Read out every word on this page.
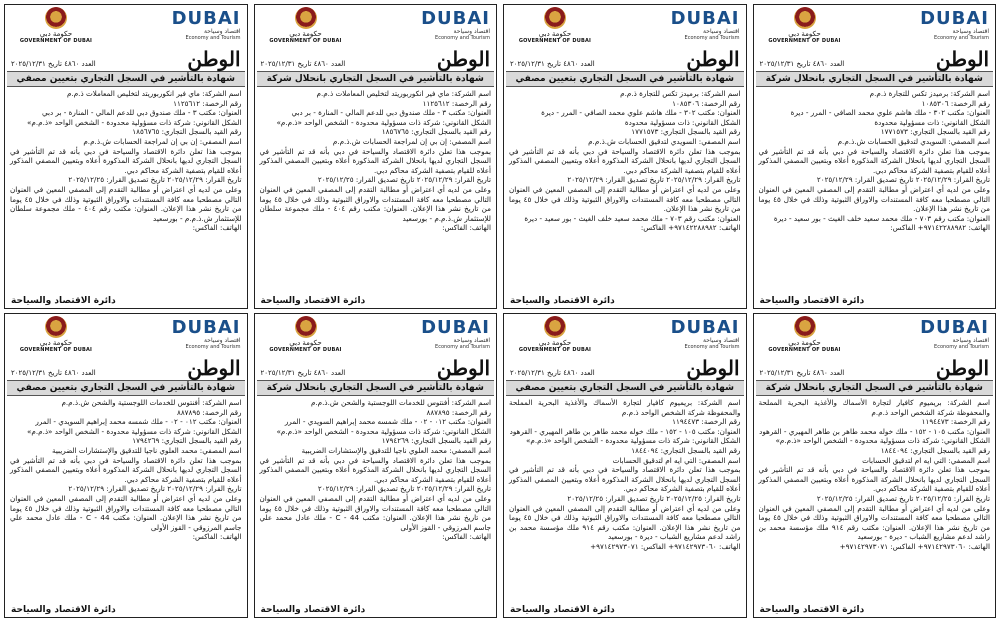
حكومة دبي
GOVERNMENT OF DUBAI
DUBAI
اقتصاد وسياحة
Economy and Tourism
العدد ٤٨٦٠ تاريخ ٢٠٢٥/١٢/٣١	الوطن
شهادة بالتأشير في السجل التجاري بتعيين مصفي

اسم الشركة: ماي فير انكوربوريتد لتخليص المعاملات ذ.م.م

رقم الرخصة: ١١٢٥٦١٢

العنوان: مكتب ٣ - ملك صندوق دبي للدعم المالي - المنارة - بر دبي

الشكل القانوني: شركة ذات مسؤولية محدودة - الشخص الواحد «ذ.م.م»

رقم القيد بالسجل التجاري: ١٨٥٦٧٦٥

اسم المصفي: إن بي إن لمراجعة الحسابات ش.ذ.م.م

بموجب هذا تعلن دائرة الاقتصاد والسياحة في دبي بأنه قد تم التأشير في السجل التجاري لديها بانحلال الشركة المذكورة أعلاه وبتعيين المصفي المذكور أعلاه للقيام بتصفية الشركة محاكم دبي.

تاريخ القرار: ٢٠٢٥/١٢/٢٩ تاريخ تصديق القرار: ٢٠٢٥/١٢/٢٥

وعلى من لديه أي اعتراض أو مطالبة التقدم إلى المصفي المعين في العنوان التالي مصطحبا معه كافة المستندات والاوراق الثبوتية وذلك في خلال ٤٥ يوما من تاريخ نشر هذا الإعلان. العنوان: مكتب رقم ٤٠٤ - ملك مجموعة سلطان للإستثمار ش.ذ.م.م - بورسعيد

الهاتف: الفاكس:

دائرة الاقتصاد والسياحة
حكومة دبي
GOVERNMENT OF DUBAI
DUBAI
اقتصاد وسياحة
Economy and Tourism
العدد ٤٨٦٠ تاريخ ٢٠٢٥/١٢/٣١	الوطن
شهادة بالتأشير في السجل التجاري بانحلال شركة

اسم الشركة: ماي فير انكوربوريتد لتخليص المعاملات ذ.م.م

رقم الرخصة: ١١٢٥٦١٢

العنوان: مكتب ٣ - ملك صندوق دبي للدعم المالي - المنارة - بر دبي

الشكل القانوني: شركة ذات مسؤولية محدودة - الشخص الواحد «ذ.م.م»

رقم القيد بالسجل التجاري: ١٨٥٦٧٦٥

اسم المصفي: إن بي إن لمراجعة الحسابات ش.ذ.م.م

بموجب هذا تعلن دائرة الاقتصاد والسياحة في دبي بأنه قد تم التأشير في السجل التجاري لديها بانحلال الشركة المذكورة أعلاه وبتعيين المصفي المذكور أعلاه للقيام بتصفية الشركة محاكم دبي.

تاريخ القرار: ٢٠٢٥/١٢/٢٩ تاريخ تصديق القرار: ٢٠٢٥/١٢/٢٥

وعلى من لديه أي اعتراض أو مطالبة التقدم إلى المصفي المعين في العنوان التالي مصطحبا معه كافة المستندات والاوراق الثبوتية وذلك في خلال ٤٥ يوما من تاريخ نشر هذا الإعلان. العنوان: مكتب رقم ٤٠٤ - ملك مجموعة سلطان للإستثمار ش.ذ.م.م - بورسعيد

الهاتف: الفاكس:

دائرة الاقتصاد والسياحة
حكومة دبي
GOVERNMENT OF DUBAI
DUBAI
اقتصاد وسياحة
Economy and Tourism
العدد ٤٨٦٠ تاريخ ٢٠٢٥/١٢/٣١	الوطن
شهادة بالتأشير في السجل التجاري بتعيين مصفي

اسم الشركة: برميدز تكس للتجارة ذ.م.م

رقم الرخصة: ١٠٨٥٣٠٦

العنوان: مكتب ٣٠٢ - ملك هاشم علوي محمد الصافي - المرر - ديرة

الشكل القانوني: ذات مسؤولية محدودة

رقم القيد بالسجل التجاري: ١٧٧١٥٧٣

اسم المصفي: السويدي لتدقيق الحسابات ش.ذ.م.م

بموجب هذا تعلن دائرة الاقتصاد والسياحة في دبي بأنه قد تم التأشير في السجل التجاري لديها بانحلال الشركة المذكورة أعلاه وبتعيين المصفي المذكور أعلاه للقيام بتصفية الشركة محاكم دبي.

تاريخ القرار: ٢٠٢٥/١٢/٢٩ تاريخ تصديق القرار: ٢٠٢٥/١٢/٢٩

وعلى من لديه أي اعتراض أو مطالبة التقدم إلى المصفي المعين في العنوان التالي مصطحبا معه كافة المستندات والاوراق الثبوتية وذلك في خلال ٤٥ يوما من تاريخ نشر هذا الإعلان.

العنوان: مكتب رقم ٧٠٣ - ملك محمد سعيد خلف الغيث - بور سعيد - ديرة

الهاتف: ٩٧١٤٢٢٨٨٩٨٢+ الفاكس:

دائرة الاقتصاد والسياحة
حكومة دبي
GOVERNMENT OF DUBAI
DUBAI
اقتصاد وسياحة
Economy and Tourism
العدد ٤٨٦٠ تاريخ ٢٠٢٥/١٢/٣١	الوطن
شهادة بالتأشير في السجل التجاري بانحلال شركة

اسم الشركة: برميدز تكس للتجارة ذ.م.م

رقم الرخصة: ١٠٨٥٣٠٦

العنوان: مكتب ٣٠٢ - ملك هاشم علوي محمد الصافي - المرر - ديرة

الشكل القانوني: ذات مسؤولية محدودة

رقم القيد بالسجل التجاري: ١٧٧١٥٧٣

اسم المصفي: السويدي لتدقيق الحسابات ش.ذ.م.م

بموجب هذا تعلن دائرة الاقتصاد والسياحة في دبي بأنه قد تم التأشير في السجل التجاري لديها بانحلال الشركة المذكورة أعلاه وبتعيين المصفي المذكور أعلاه للقيام بتصفية الشركة محاكم دبي.

تاريخ القرار: ٢٠٢٥/١٢/٢٩ تاريخ تصديق القرار: ٢٠٢٥/١٢/٢٩

وعلى من لديه أي اعتراض أو مطالبة التقدم إلى المصفي المعين في العنوان التالي مصطحبا معه كافة المستندات والاوراق الثبوتية وذلك في خلال ٤٥ يوما من تاريخ نشر هذا الإعلان.

العنوان: مكتب رقم ٧٠٣ - ملك محمد سعيد خلف الغيث - بور سعيد - ديرة

الهاتف: ٩٧١٤٢٢٨٨٩٨٢+ الفاكس:

دائرة الاقتصاد والسياحة
حكومة دبي
GOVERNMENT OF DUBAI
DUBAI
اقتصاد وسياحة
Economy and Tourism
العدد ٤٨٦٠ تاريخ ٢٠٢٥/١٢/٣١	الوطن
شهادة بالتأشير في السجل التجاري بتعيين مصفي

اسم الشركة: أفنتوس للخدمات اللوجستية والشحن ش.ذ.م.م

رقم الرخصة: ٨٨٧٨٩٥

العنوان: مكتب ٠١٢ - ٠٢ - ملك شمسه محمد إبراهيم السويدي - المرر

الشكل القانوني: شركة ذات مسؤولية محدودة - الشخص الواحد «ذ.م.م»

رقم القيد بالسجل التجاري: ١٧٩٤٢٦٩

اسم المصفي: محمد العلوي ناجيا للتدقيق والإستشارات الضريبية

بموجب هذا تعلن دائرة الاقتصاد والسياحة في دبي بأنه قد تم التأشير في السجل التجاري لديها بانحلال الشركة المذكورة أعلاه وبتعيين المصفي المذكور أعلاه للقيام بتصفية الشركة محاكم دبي.

تاريخ القرار: ٢٠٢٥/١٢/٢٩ تاريخ تصديق القرار: ٢٠٢٥/١٢/٢٩

وعلى من لديه أي اعتراض أو مطالبة التقدم إلى المصفي المعين في العنوان التالي مصطحبا معه كافة المستندات والاوراق الثبوتية وذلك في خلال ٤٥ يوما من تاريخ نشر هذا الإعلان. العنوان: مكتب C - 44 - ملك عادل محمد علي جاسم المرزوقي - القوز الأولى

الهاتف: الفاكس:

دائرة الاقتصاد والسياحة
حكومة دبي
GOVERNMENT OF DUBAI
DUBAI
اقتصاد وسياحة
Economy and Tourism
العدد ٤٨٦٠ تاريخ ٢٠٢٥/١٢/٣١	الوطن
شهادة بالتأشير في السجل التجاري بانحلال شركة

اسم الشركة: أفنتوس للخدمات اللوجستية والشحن ش.ذ.م.م

رقم الرخصة: ٨٨٧٨٩٥

العنوان: مكتب ٠١٢ - ٠٢ - ملك شمسه محمد إبراهيم السويدي - المرر

الشكل القانوني: شركة ذات مسؤولية محدودة - الشخص الواحد «ذ.م.م»

رقم القيد بالسجل التجاري: ١٧٩٤٢٦٩

اسم المصفي: محمد العلوي ناجيا للتدقيق والإستشارات الضريبية

بموجب هذا تعلن دائرة الاقتصاد والسياحة في دبي بأنه قد تم التأشير في السجل التجاري لديها بانحلال الشركة المذكورة أعلاه وبتعيين المصفي المذكور أعلاه للقيام بتصفية الشركة محاكم دبي.

تاريخ القرار: ٢٠٢٥/١٢/٢٩ تاريخ تصديق القرار: ٢٠٢٥/١٢/٢٩

وعلى من لديه أي اعتراض أو مطالبة التقدم إلى المصفي المعين في العنوان التالي مصطحبا معه كافة المستندات والاوراق الثبوتية وذلك في خلال ٤٥ يوما من تاريخ نشر هذا الإعلان. العنوان: مكتب C - 44 - ملك عادل محمد علي جاسم المرزوقي - القوز الأولى

الهاتف: الفاكس:

دائرة الاقتصاد والسياحة
حكومة دبي
GOVERNMENT OF DUBAI
DUBAI
اقتصاد وسياحة
Economy and Tourism
العدد ٤٨٦٠ تاريخ ٢٠٢٥/١٢/٣١	الوطن
شهادة بالتأشير في السجل التجاري بتعيين مصفي

اسم الشركة: بريميوم كافيار لتجارة الأسماك والأغذية البحرية المملحة والمحفوظة شركة الشخص الواحد ذ.م.م

رقم الرخصة: ١١٩٤٤٧٣

العنوان: مكتب ١٠٥ - ١٥٢ - ملك خوله محمد طاهر بن طاهر المهيري - القرهود

الشكل القانوني: شركة ذات مسؤولية محدودة - الشخص الواحد «ذ.م.م»

رقم القيد بالسجل التجاري: ١٨٤٤٠٩٤

اسم المصفي: التي ايه ام لتدقيق الحسابات

بموجب هذا تعلن دائرة الاقتصاد والسياحة في دبي بأنه قد تم التأشير في السجل التجاري لديها بانحلال الشركة المذكورة أعلاه وبتعيين المصفي المذكور أعلاه للقيام بتصفية الشركة محاكم دبي.

تاريخ القرار: ٢٠٢٥/١٢/٢٥ تاريخ تصديق القرار: ٢٠٢٥/١٢/٢٥

وعلى من لديه أي اعتراض أو مطالبة التقدم إلى المصفي المعين في العنوان التالي مصطحبا معه كافة المستندات والاوراق الثبوتية وذلك في خلال ٤٥ يوما من تاريخ نشر هذا الإعلان. العنوان: مكتب رقم ٩١٤ ملك مؤسسة محمد بن راشد لدعم مشاريع الشباب - ديرة - بورسعيد

الهاتف: ٩٧١٤٢٩٧٣٠٦٠+ الفاكس: ٩٧١٤٢٩٧٣٠٧١+

دائرة الاقتصاد والسياحة
حكومة دبي
GOVERNMENT OF DUBAI
DUBAI
اقتصاد وسياحة
Economy and Tourism
العدد ٤٨٦٠ تاريخ ٢٠٢٥/١٢/٣١	الوطن
شهادة بالتأشير في السجل التجاري بانحلال شركة

اسم الشركة: بريميوم كافيار لتجارة الأسماك والأغذية البحرية المملحة والمحفوظة شركة الشخص الواحد ذ.م.م

رقم الرخصة: ١١٩٤٤٧٣

العنوان: مكتب ١٠٥ - ١٥٢ - ملك خوله محمد طاهر بن طاهر المهيري - القرهود

الشكل القانوني: شركة ذات مسؤولية محدودة - الشخص الواحد «ذ.م.م»

رقم القيد بالسجل التجاري: ١٨٤٤٠٩٤

اسم المصفي: التي ايه ام لتدقيق الحسابات

بموجب هذا تعلن دائرة الاقتصاد والسياحة في دبي بأنه قد تم التأشير في السجل التجاري لديها بانحلال الشركة المذكورة أعلاه وبتعيين المصفي المذكور أعلاه للقيام بتصفية الشركة محاكم دبي.

تاريخ القرار: ٢٠٢٥/١٢/٢٥ تاريخ تصديق القرار: ٢٠٢٥/١٢/٢٥

وعلى من لديه أي اعتراض أو مطالبة التقدم إلى المصفي المعين في العنوان التالي مصطحبا معه كافة المستندات والاوراق الثبوتية وذلك في خلال ٤٥ يوما من تاريخ نشر هذا الإعلان. العنوان: مكتب رقم ٩١٤ ملك مؤسسة محمد بن راشد لدعم مشاريع الشباب - ديرة - بورسعيد

الهاتف: ٩٧١٤٢٩٧٣٠٦٠+ الفاكس: ٩٧١٤٢٩٧٣٠٧١+

دائرة الاقتصاد والسياحة
